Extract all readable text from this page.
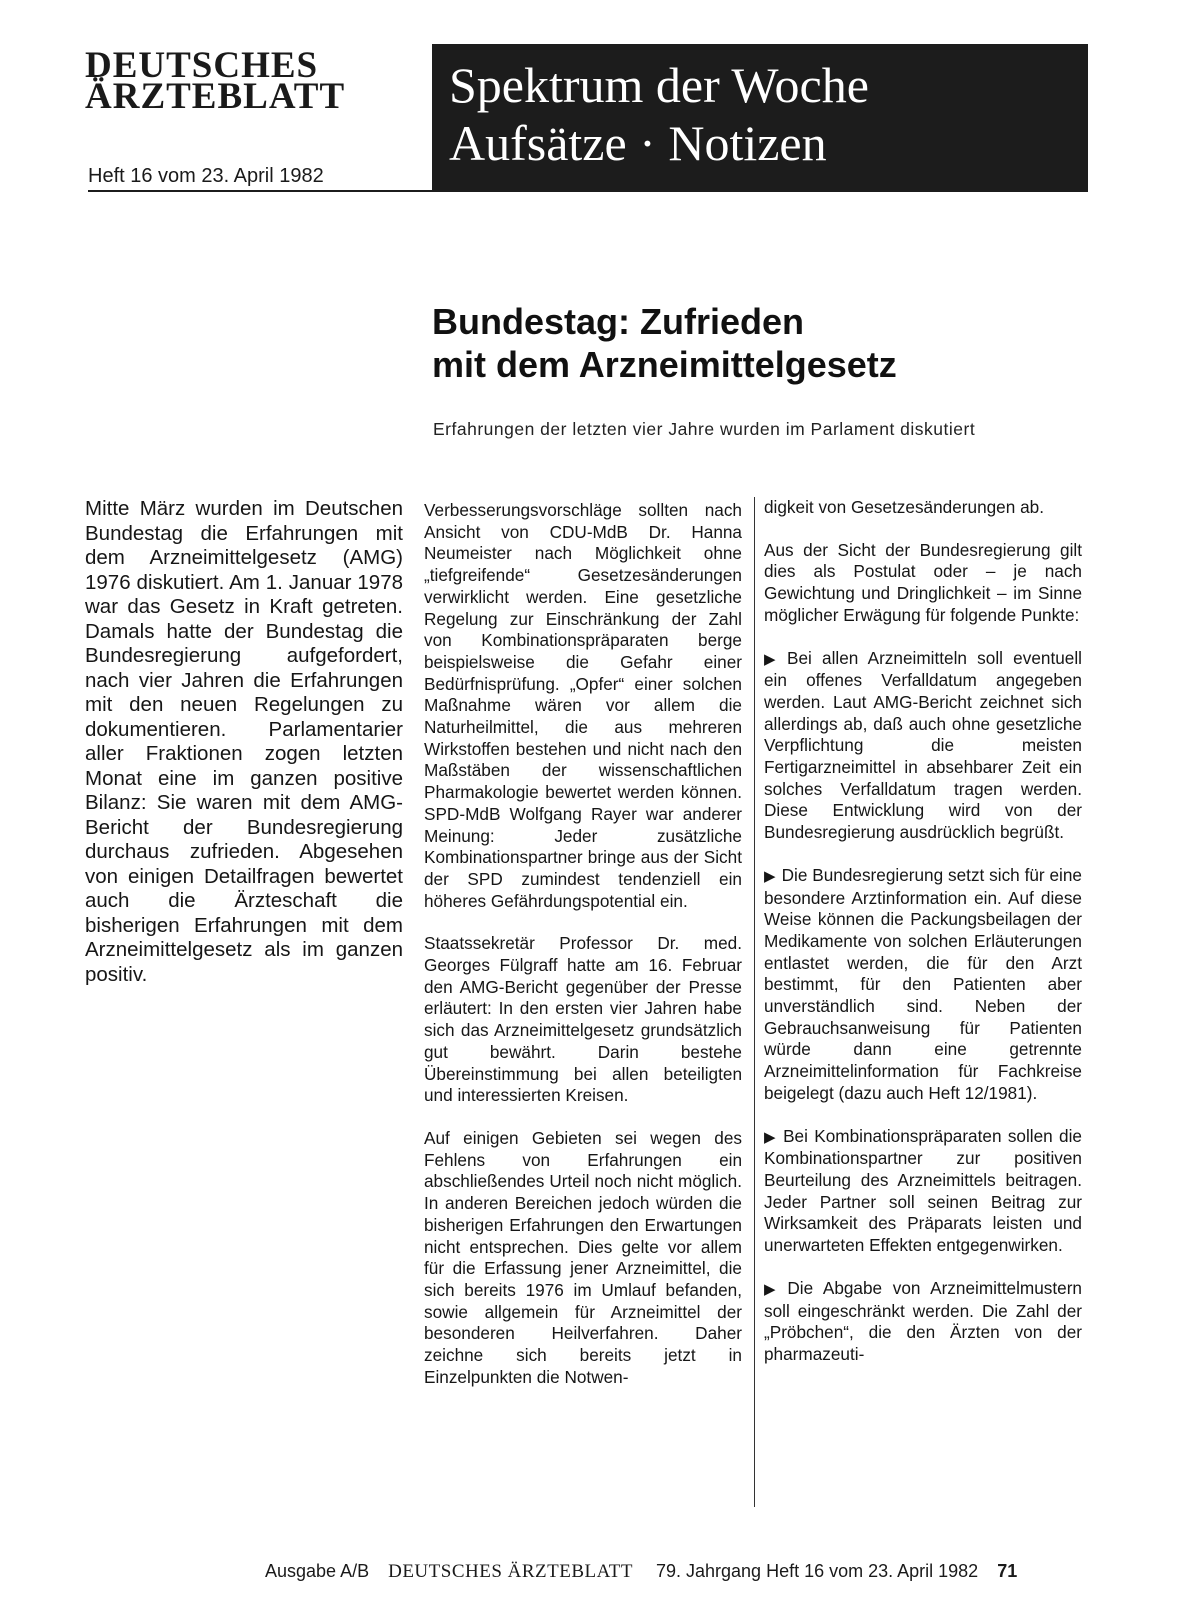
DEUTSCHES
ÄRZTEBLATT
Heft 16 vom 23. April 1982
Spektrum der Woche
Aufsätze · Notizen
Bundestag: Zufrieden
mit dem Arzneimittelgesetz
Erfahrungen der letzten vier Jahre wurden im Parlament diskutiert
Mitte März wurden im Deutschen Bundestag die Erfahrungen mit dem Arzneimittelgesetz (AMG) 1976 diskutiert. Am 1. Januar 1978 war das Gesetz in Kraft getreten. Damals hatte der Bundestag die Bundesregierung aufgefordert, nach vier Jahren die Erfahrungen mit den neuen Regelungen zu dokumentieren. Parlamentarier aller Fraktionen zogen letzten Monat eine im ganzen positive Bilanz: Sie waren mit dem AMG-Bericht der Bundesregierung durchaus zufrieden. Abgesehen von einigen Detailfragen bewertet auch die Ärzteschaft die bisherigen Erfahrungen mit dem Arzneimittelgesetz als im ganzen positiv.

Verbesserungsvorschläge sollten nach Ansicht von CDU-MdB Dr. Hanna Neumeister nach Möglichkeit ohne „tiefgreifende“ Gesetzesänderungen verwirklicht werden. Eine gesetzliche Regelung zur Einschränkung der Zahl von Kombinationspräparaten berge beispielsweise die Gefahr einer Bedürfnisprüfung. „Opfer“ einer solchen Maßnahme wären vor allem die Naturheilmittel, die aus mehreren Wirkstoffen bestehen und nicht nach den Maßstäben der wissenschaftlichen Pharmakologie bewertet werden können. SPD-MdB Wolfgang Rayer war anderer Meinung: Jeder zusätzliche Kombinationspartner bringe aus der Sicht der SPD zumindest tendenziell ein höheres Gefährdungspotential ein.

Staatssekretär Professor Dr. med. Georges Fülgraff hatte am 16. Februar den AMG-Bericht gegenüber der Presse erläutert: In den ersten vier Jahren habe sich das Arzneimittelgesetz grundsätzlich gut bewährt. Darin bestehe Übereinstimmung bei allen beteiligten und interessierten Kreisen.

Auf einigen Gebieten sei wegen des Fehlens von Erfahrungen ein abschließendes Urteil noch nicht möglich. In anderen Bereichen jedoch würden die bisherigen Erfahrungen den Erwartungen nicht entsprechen. Dies gelte vor allem für die Erfassung jener Arzneimittel, die sich bereits 1976 im Umlauf befanden, sowie allgemein für Arzneimittel der besonderen Heilverfahren. Daher zeichne sich bereits jetzt in Einzelpunkten die Notwen-

digkeit von Gesetzesänderungen ab.

Aus der Sicht der Bundesregierung gilt dies als Postulat oder – je nach Gewichtung und Dringlichkeit – im Sinne möglicher Erwägung für folgende Punkte:

▶ Bei allen Arzneimitteln soll eventuell ein offenes Verfalldatum angegeben werden. Laut AMG-Bericht zeichnet sich allerdings ab, daß auch ohne gesetzliche Verpflichtung die meisten Fertigarzneimittel in absehbarer Zeit ein solches Verfalldatum tragen werden. Diese Entwicklung wird von der Bundesregierung ausdrücklich begrüßt.

▶ Die Bundesregierung setzt sich für eine besondere Arztinformation ein. Auf diese Weise können die Packungsbeilagen der Medikamente von solchen Erläuterungen entlastet werden, die für den Arzt bestimmt, für den Patienten aber unverständlich sind. Neben der Gebrauchsanweisung für Patienten würde dann eine getrennte Arzneimittelinformation für Fachkreise beigelegt (dazu auch Heft 12/1981).

▶ Bei Kombinationspräparaten sollen die Kombinationspartner zur positiven Beurteilung des Arzneimittels beitragen. Jeder Partner soll seinen Beitrag zur Wirksamkeit des Präparats leisten und unerwarteten Effekten entgegenwirken.

▶ Die Abgabe von Arzneimittelmustern soll eingeschränkt werden. Die Zahl der „Pröbchen“, die den Ärzten von der pharmazeuti-

Ausgabe A/B DEUTSCHES ÄRZTEBLATT 79. Jahrgang Heft 16 vom 23. April 1982 71
